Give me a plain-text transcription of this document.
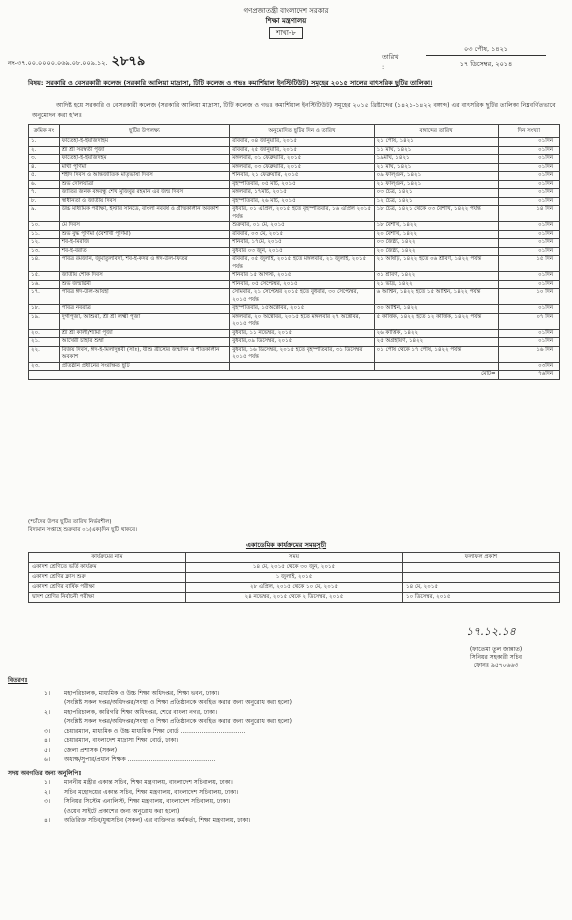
গণপ্রজাতন্ত্রী বাংলাদেশ সরকার
শিক্ষা মন্ত্রণালয়
শাখা-৮
নং-৩৭.০০.০০০০.০৬৯.০৮.০০৯.১২. ২৮৭৯	তারিখ :
০৩ পৌষ, ১৪২১
১৭ ডিসেম্বর, ২০১৪
বিষয়: সরকারি ও বেসরকারী কলেজ (সরকারি আলিয়া মাদ্রাসা, টিটি কলেজ ও গভঃ কমার্শিয়াল ইনস্টিটিউট) সমূহের ২০১৫ সালের বাৎসরিক ছুটির তালিকা।
আদিষ্ট হয়ে সরকারি ও বেসরকারী কলেজ (সরকারি আলিয়া মাদ্রাসা, টিটি কলেজ ও গভঃ কমার্শিয়াল ইনস্টিটিউট) সমূহের ২০১৫ খ্রিষ্টাব্দের (১৪২১-১৪২২ বঙ্গাব্দ) এর বাৎসরিক ছুটির তালিকা নিম্নবর্ণিতভাবে অনুমোদন করা হ'লঃ
ক্রমিক নং	ছুটির উপলক্ষ্য	অনুমোদিত ছুটির দিন ও তারিখ	বঙ্গাব্দের তারিখ	দিন সংখ্যা
১.	ফাতেহা-ই-ইয়াজদাহম	রবিবার, ০৪ জানুয়ারি, ২০১৫	২১ পৌষ, ১৪২১	০১দিন
২.	শ্রী শ্রী সরস্বতী পূজা	রবিবার, ২৫ জানুয়ারি, ২০১৫	১১ মাঘ, ১৪২১	০১দিন
৩.	ফাতেহা-ই-ইয়াজদহম	মঙ্গলবার, ০১ ফেব্রুয়ারি, ২০১৫	১৯মাঘ, ১৪২১	০১দিন
৪.	মাঘী পূর্ণিমা	মঙ্গলবার, ০৩ ফেব্রুয়ারি, ২০১৫	২১ মাঘ, ১৪২১	০১দিন
৫.	শহীদ দিবস ও আন্তর্জাতিক মাতৃভাষা দিবস	শনিবার, ২১ ফেব্রুয়ারি, ২০১৫	০৯ ফাল্গুন, ১৪২১	০১দিন
৬.	শুভ দোলযাত্রা	বৃহস্পতিবার, ০৫ মার্চ, ২০১৫	২১ ফাল্গুন, ১৪২১	০১দিন
৭.	জাতির জনক বঙ্গবন্ধু শেখ মুজিবুর রহমান এর জন্ম দিবস	মঙ্গলবার, ১৭মার্চ, ২০১৫	০৩ চৈত্র, ১৪২১	০১দিন
৮.	স্বাধীনতা ও জাতীয় দিবস	বৃহস্পতিবার, ২৬ মার্চ, ২০১৫	১২ চৈত্র, ১৪২১	০১দিন
৯.	উচ্চ মাধ্যমিক পরীক্ষা, ইস্টার সানডে, বাংলা নববর্ষ ও গ্রীষ্মকালীন অবকাশ	বুধবার, ০১ এপ্রিল, ২০১৫ হতে বৃহস্পতিবার, ১৬ এপ্রিল ২০১৫ পর্যন্ত	১৮ চৈত্র, ১৪২১ থেকে ০৩ বৈশাখ, ১৪২২ পর্যন্ত	১৪ দিন
১০.	মে দিবস	শুক্রবার, ০১ মে, ২০১৫	১৮ বৈশাখ, ১৪২২	০১দিন
১১.	শুভ বুদ্ধ পূর্ণিমা (বৈশাখী পূর্ণিমা)	রবিবার, ০৩ মে, ২০১৫	২০ বৈশাখ, ১৪২২	০১দিন
১২.	শব-ই-মিরাজ	শনিবার, ১৭মে, ২০১৫	০৩ জৈষ্ঠ্য, ১৪২২	০১দিন
১৩.	শব-ই-বরাত	বুধবার ০৩ জুন, ২০১৫	২০ জৈষ্ঠ্য, ১৪২২	০১দিন
১৪.	পবিত্র রমজান, জুমাতুলবিদা, শব-ই-কদর ও ঈদ-উল-ফিতর	রবিবার, ০৫ জুলাই, ২০১৫ হতে মঙ্গলবার, ২১ জুলাই, ২০১৫ পর্যন্ত	২১ আষাঢ়, ১৪২২ হতে ০৬ শ্রাবণ, ১৪২২ পর্যন্ত	১৫ দিন
১৫.	জাতীয় শোক দিবস	শনিবার ১৫ আগস্ট, ২০১৫	৩১ শ্রাবণ, ১৪২২	০১দিন
১৬.	শুভ জন্মাষ্টমী	শনিবার, ০৫ সেপ্টেম্বর, ২০১৫	২১ ভাদ্র, ১৪২২	০১দিন
১৭.	পবিত্র ঈদ-উল-আযহা	সোমবার, ২১ সেপ্টেম্বর ২০১৫ হতে বুধবার, ৩০ সেপ্টেম্বর, ২০১৫ পর্যন্ত	৬ আশ্বিন, ১৪২২ হতে ১৫ আশ্বিন, ১৪২২ পর্যন্ত	১০ দিন
১৮.	পবিত্র নবরাত্র	বৃহস্পতিবার, ১৫অক্টোবর, ২০১৫	৩০ আশ্বিন, ১৪২২	০১দিন
১৯.	দুর্গাপূজা, আশুরা, শ্রী শ্রী লক্ষ্মী পূজা	মঙ্গলবার, ২০ অক্টোবর, ২০১৫ হতে মঙ্গলবার ২৭ অক্টোবর, ২০১৫ পর্যন্ত	৫ কার্ত্তিক, ১৪২২ হতে ১২ কার্ত্তিক, ১৪২২ পর্যন্ত	০৭ দিন
২০.	শ্রী শ্রী কালী/শ্যামা পূজা	বুধবার, ১১ নভেম্বর, ২০১৫	২৬ কার্ত্তিক, ১৪২২	০১দিন
২১.	আখেরী চাহার শুম্বা	বুধবার,০৯ ডিসেম্বর, ২০১৫	২৫ অগ্রহায়ণ, ১৪২২	০১দিন
২২.	বিজয় দিবস, ঈদ-ই-মিলাদুন্নবী (সাঃ), যীশু খ্রীস্টের জন্মদিন ও শীতকালীন অবকাশ	বুধবার, ১৬ ডিসেম্বর, ২০১৫ হতে বৃহস্পতিবার, ৩১ ডিসেম্বর ২০১৫ পর্যন্ত	০১ পৌষ থেকে ১৭ পৌষ, ১৪২২ পর্যন্ত	১৬ দিন
২৩.	প্রতিষ্ঠান প্রধানের সংরক্ষিত ছুটি			০৩দিন
মোট=				৭৬দিন
(*চাঁদের উপর ছুটির তারিখ নির্ভরশীল)
বিদ্যমান সপ্তাহে শুক্রবার ০১(এক)দিন ছুটি থাকবে।
একাডেমিক কার্যক্রমের সময়সূচী
কার্যক্রমের নাম	সময়	ফলাফল প্রকাশ
একাদশ শ্রেণিতে ভর্তি কার্যক্রম	১৪ মে, ২০১৫ থেকে ৩০ জুন, ২০১৫	
একাদশ শ্রেণির ক্লাস শুরু	১ জুলাই, ২০১৫	
একাদশ শ্রেণির বার্ষিক পরীক্ষা	২৮ এপ্রিল, ২০১৫ থেকে ১০ মে, ২০১৫	১৪ মে, ২০১৫
দ্বাদশ শ্রেণির নির্বাচনী পরীক্ষা	২৪ নভেম্বর, ২০১৫ থেকে ২ ডিসেম্বর, ২০১৫	১০ ডিসেম্বর, ২০১৫
১৭.১২.১৪
(ফাতেমা তুল জান্নাত)
সিনিয়র সহকারী সচিব
ফোনঃ ৯৫৭০৬৬৩
বিতরণঃ
১। মহাপরিচালক, মাধ্যমিক ও উচ্চ শিক্ষা অধিদপ্তর, শিক্ষা ভবন, ঢাকা।
(সংশ্লিষ্ট সকল দপ্তর/অধিদপ্তর/সংস্থা ও শিক্ষা প্রতিষ্ঠানকে অবহিত করার জন্য অনুরোধ করা হলো)
২। মহাপরিচালক, কারিগরি শিক্ষা অধিদপ্তর, শেরে বাংলা নগর, ঢাকা।
(সংশ্লিষ্ট সকল দপ্তর/অধিদপ্তর/সংস্থা ও শিক্ষা প্রতিষ্ঠানকে অবহিত করার জন্য অনুরোধ করা হলো)
৩। চেয়ারম্যান, মাধ্যমিক ও উচ্চ মাধ্যমিক শিক্ষা বোর্ড ..................................
৪। চেয়ারম্যান, বাংলাদেশ মাদ্রাসা শিক্ষা বোর্ড, ঢাকা।
৫। জেলা প্রশাসক (সকল)
৬। অধ্যক্ষ/সুপার/প্রধান শিক্ষক ..............................................
সদয় অবগতির জন্য অনুলিপিঃ
১। মাননীয় মন্ত্রীর একান্ত সচিব, শিক্ষা মন্ত্রণালয়, বাংলাদেশ সচিবালয়, ঢাকা।
২। সচিব মহোদয়ের একান্ত সচিব, শিক্ষা মন্ত্রণালয়, বাংলাদেশ সচিবালয়, ঢাকা।
৩। সিনিয়র সিস্টেম এনালিস্ট, শিক্ষা মন্ত্রণালয়, বাংলাদেশ সচিবালয়, ঢাকা।
(ওয়েব সাইটে প্রকাশের জন্য অনুরোধ করা হলো)
৪। অতিরিক্ত সচিব/যুগ্মসচিব (সকল) এর ব্যক্তিগত কর্মকর্তা, শিক্ষা মন্ত্রণালয়, ঢাকা।
